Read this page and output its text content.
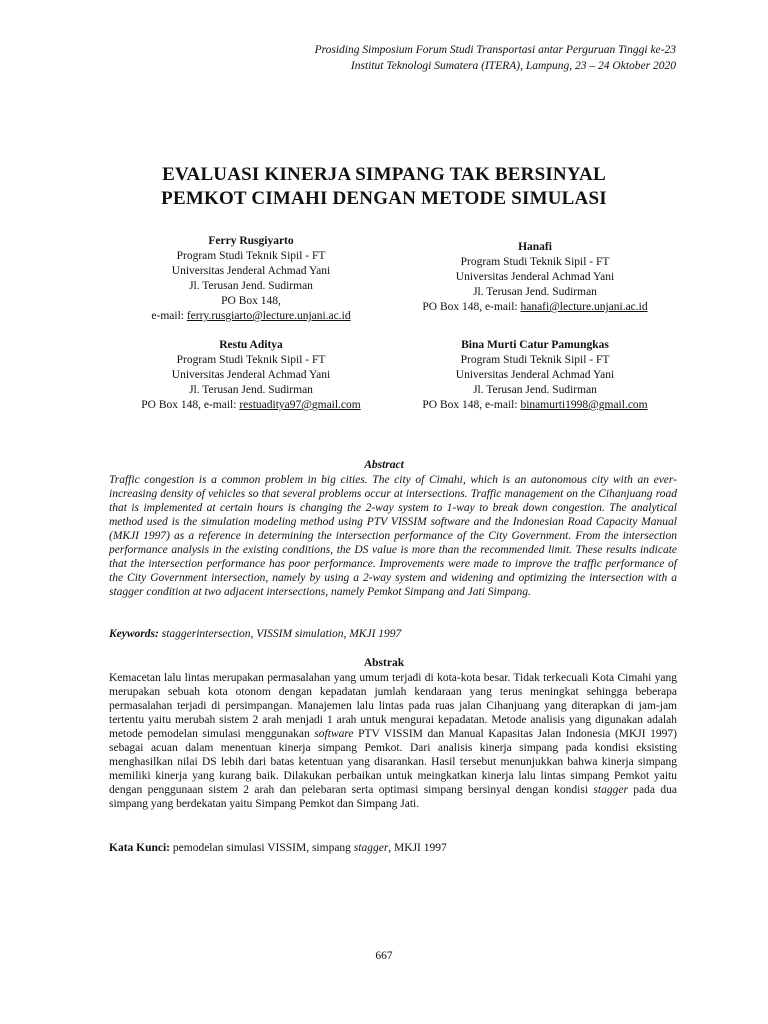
Prosiding Simposium Forum Studi Transportasi antar Perguruan Tinggi ke-23
Institut Teknologi Sumatera (ITERA), Lampung, 23 – 24 Oktober 2020
EVALUASI KINERJA SIMPANG TAK BERSINYAL
PEMKOT CIMAHI DENGAN METODE SIMULASI
Ferry Rusgiyarto
Program Studi Teknik Sipil - FT
Universitas Jenderal Achmad Yani
Jl. Terusan Jend. Sudirman
PO Box 148,
e-mail: ferry.rusgiarto@lecture.unjani.ac.id
Hanafi
Program Studi Teknik Sipil - FT
Universitas Jenderal Achmad Yani
Jl. Terusan Jend. Sudirman
PO Box 148, e-mail: hanafi@lecture.unjani.ac.id
Restu Aditya
Program Studi Teknik Sipil - FT
Universitas Jenderal Achmad Yani
Jl. Terusan Jend. Sudirman
PO Box 148, e-mail: restuaditya97@gmail.com
Bina Murti Catur Pamungkas
Program Studi Teknik Sipil - FT
Universitas Jenderal Achmad Yani
Jl. Terusan Jend. Sudirman
PO Box 148, e-mail: binamurti1998@gmail.com
Abstract
Traffic congestion is a common problem in big cities. The city of Cimahi, which is an autonomous city with an ever-increasing density of vehicles so that several problems occur at intersections. Traffic management on the Cihanjuang road that is implemented at certain hours is changing the 2-way system to 1-way to break down congestion. The analytical method used is the simulation modeling method using PTV VISSIM software and the Indonesian Road Capacity Manual (MKJI 1997) as a reference in determining the intersection performance of the City Government. From the intersection performance analysis in the existing conditions, the DS value is more than the recommended limit. These results indicate that the intersection performance has poor performance. Improvements were made to improve the traffic performance of the City Government intersection, namely by using a 2-way system and widening and optimizing the intersection with a stagger condition at two adjacent intersections, namely Pemkot Simpang and Jati Simpang.
Keywords: staggerintersection, VISSIM simulation, MKJI 1997
Abstrak
Kemacetan lalu lintas merupakan permasalahan yang umum terjadi di kota-kota besar. Tidak terkecuali Kota Cimahi yang merupakan sebuah kota otonom dengan kepadatan jumlah kendaraan yang terus meningkat sehingga beberapa permasalahan terjadi di persimpangan. Manajemen lalu lintas pada ruas jalan Cihanjuang yang diterapkan di jam-jam tertentu yaitu merubah sistem 2 arah menjadi 1 arah untuk mengurai kepadatan. Metode analisis yang digunakan adalah metode pemodelan simulasi menggunakan software PTV VISSIM dan Manual Kapasitas Jalan Indonesia (MKJI 1997) sebagai acuan dalam menentuan kinerja simpang Pemkot. Dari analisis kinerja simpang pada kondisi eksisting menghasilkan nilai DS lebih dari batas ketentuan yang disarankan. Hasil tersebut menunjukkan bahwa kinerja simpang memiliki kinerja yang kurang baik. Dilakukan perbaikan untuk meingkatkan kinerja lalu lintas simpang Pemkot yaitu dengan penggunaan sistem 2 arah dan pelebaran serta optimasi simpang bersinyal dengan kondisi stagger pada dua simpang yang berdekatan yaitu Simpang Pemkot dan Simpang Jati.
Kata Kunci: pemodelan simulasi VISSIM, simpang stagger, MKJI 1997
667
